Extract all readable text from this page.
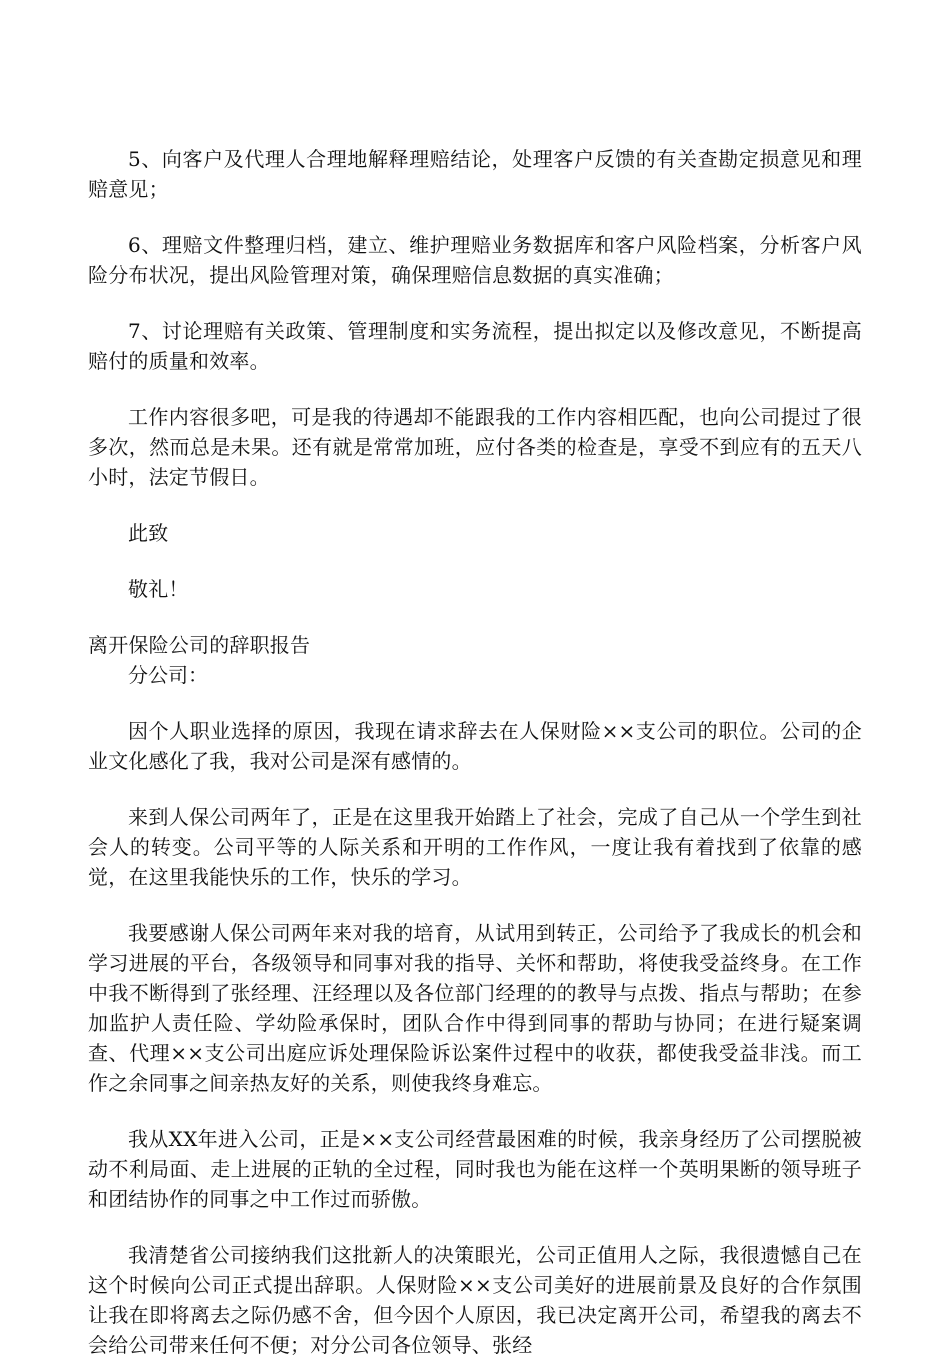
5、向客户及代理人合理地解释理赔结论，处理客户反馈的有关查勘定损意见和理赔意见；

6、理赔文件整理归档，建立、维护理赔业务数据库和客户风险档案，分析客户风险分布状况，提出风险管理对策，确保理赔信息数据的真实准确；

7、讨论理赔有关政策、管理制度和实务流程，提出拟定以及修改意见，不断提高赔付的质量和效率。

工作内容很多吧，可是我的待遇却不能跟我的工作内容相匹配，也向公司提过了很多次，然而总是未果。还有就是常常加班，应付各类的检查是，享受不到应有的五天八小时，法定节假日。

此致

敬礼！

离开保险公司的辞职报告

分公司：

因个人职业选择的原因，我现在请求辞去在人保财险××支公司的职位。公司的企业文化感化了我，我对公司是深有感情的。

来到人保公司两年了，正是在这里我开始踏上了社会，完成了自己从一个学生到社会人的转变。公司平等的人际关系和开明的工作作风，一度让我有着找到了依靠的感觉，在这里我能快乐的工作，快乐的学习。

我要感谢人保公司两年来对我的培育，从试用到转正，公司给予了我成长的机会和学习进展的平台，各级领导和同事对我的指导、关怀和帮助，将使我受益终身。在工作中我不断得到了张经理、汪经理以及各位部门经理的的教导与点拨、指点与帮助；在参加监护人责任险、学幼险承保时，团队合作中得到同事的帮助与协同；在进行疑案调查、代理××支公司出庭应诉处理保险诉讼案件过程中的收获，都使我受益非浅。而工作之余同事之间亲热友好的关系，则使我终身难忘。

我从XX年进入公司，正是××支公司经营最困难的时候，我亲身经历了公司摆脱被动不利局面、走上进展的正轨的全过程，同时我也为能在这样一个英明果断的领导班子和团结协作的同事之中工作过而骄傲。

我清楚省公司接纳我们这批新人的决策眼光，公司正值用人之际，我很遗憾自己在这个时候向公司正式提出辞职。人保财险××支公司美好的进展前景及良好的合作氛围让我在即将离去之际仍感不舍，但今因个人原因，我已决定离开公司，希望我的离去不会给公司带来任何不便；对分公司各位领导、张经
